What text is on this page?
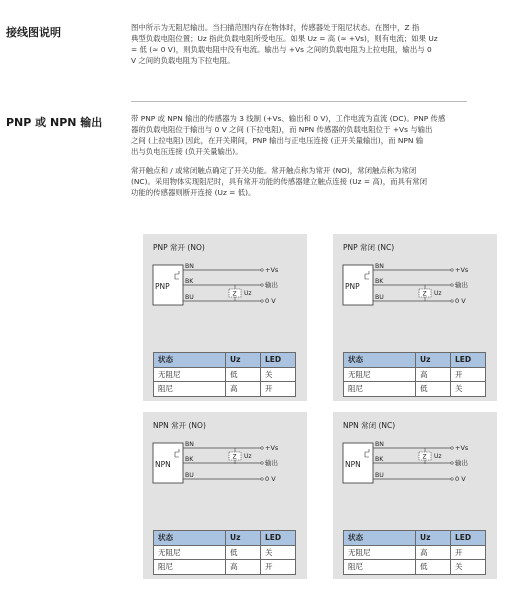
接线图说明	图中所示为无阻尼输出。当扫描范围内存在物体时，传感器处于阻尼状态。在图中，Z 指
典型负载电阻位置；Uz 指此负载电阻所受电压。如果 Uz = 高 (≈ +Vs)，则有电流；如果 Uz
= 低 (≈ 0 V)，则负载电阻中没有电流。输出与 +Vs 之间的负载电阻为上拉电阻，输出与 0
V 之间的负载电阻为下拉电阻。
PNP 或 NPN 输出	带 PNP 或 NPN 输出的传感器为 3 线制 (+Vs、输出和 0 V)，工作电流为直流 (DC)。PNP 传感
器的负载电阻位于输出与 0 V 之间 (下拉电阻)，而 NPN 传感器的负载电阻位于 +Vs 与输出
之间 (上拉电阻) 因此，在开关期间，PNP 输出与正电压连接 (正开关量输出)，而 NPN 输
出与负电压连接 (负开关量输出)。
常开触点和 / 或常闭触点确定了开关功能。常开触点称为常开 (NO)，常闭触点称为常闭
(NC)。采用物体实现阻尼时，具有常开功能的传感器建立触点连接 (Uz = 高)，而具有常闭
功能的传感器则断开连接 (Uz = 低)。
PNP 常开 (NO)
PNP
BN
BK
BU
+Vs
输出
0 V
Z Uz
状态	Uz	LED
无阻尼	低	关
阻尼	高	开
PNP 常闭 (NC)
PNP
BN
BK
BU
+Vs
输出
0 V
Z Uz
状态	Uz	LED
无阻尼	高	开
阻尼	低	关
NPN 常开 (NO)
NPN
BN
BK
BU
+Vs
输出
0 V
Z Uz
状态	Uz	LED
无阻尼	低	关
阻尼	高	开
NPN 常闭 (NC)
NPN
BN
BK
BU
+Vs
输出
0 V
Z Uz
状态	Uz	LED
无阻尼	高	开
阻尼	低	关
